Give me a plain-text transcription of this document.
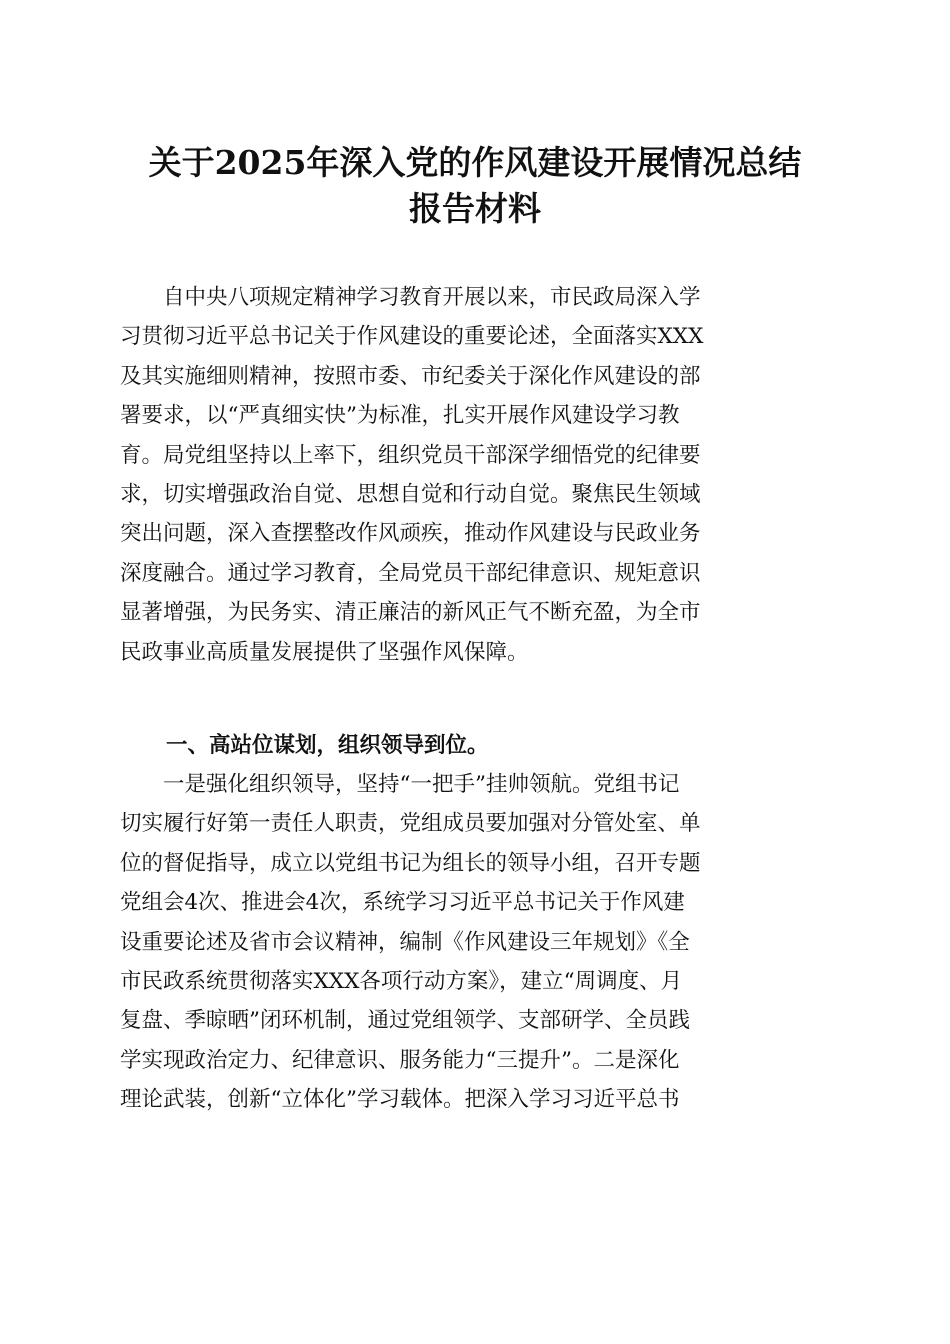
关于2025年深入党的作风建设开展情况总结
报告材料
　　自中央八项规定精神学习教育开展以来，市民政局深入学
习贯彻习近平总书记关于作风建设的重要论述，全面落实XXX
及其实施细则精神，按照市委、市纪委关于深化作风建设的部
署要求，以“严真细实快”为标准，扎实开展作风建设学习教
育。局党组坚持以上率下，组织党员干部深学细悟党的纪律要
求，切实增强政治自觉、思想自觉和行动自觉。聚焦民生领域
突出问题，深入查摆整改作风顽疾，推动作风建设与民政业务
深度融合。通过学习教育，全局党员干部纪律意识、规矩意识
显著增强，为民务实、清正廉洁的新风正气不断充盈，为全市
民政事业高质量发展提供了坚强作风保障。
一、高站位谋划，组织领导到位。
　　一是强化组织领导，坚持“一把手”挂帅领航。党组书记
切实履行好第一责任人职责，党组成员要加强对分管处室、单
位的督促指导，成立以党组书记为组长的领导小组，召开专题
党组会4次、推进会4次，系统学习习近平总书记关于作风建
设重要论述及省市会议精神，编制《作风建设三年规划》《全
市民政系统贯彻落实XXX各项行动方案》，建立“周调度、月
复盘、季晾晒”闭环机制，通过党组领学、支部研学、全员践
学实现政治定力、纪律意识、服务能力“三提升”。二是深化
理论武装，创新“立体化”学习载体。把深入学习习近平总书
